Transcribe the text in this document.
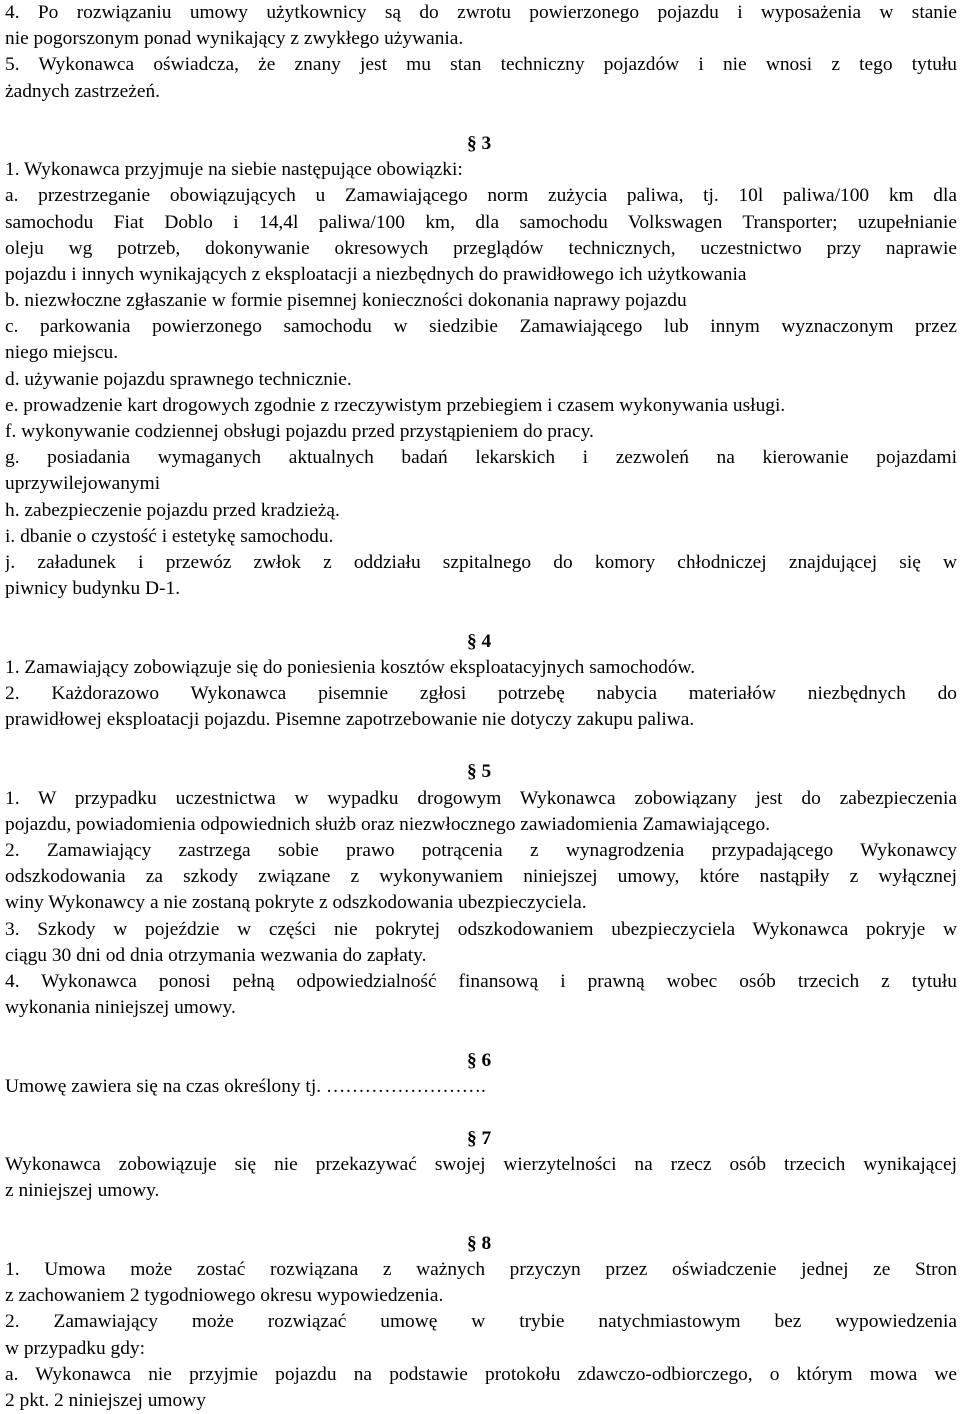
4. Po rozwiązaniu umowy użytkownicy są do zwrotu powierzonego pojazdu i wyposażenia w stanie
nie pogorszonym ponad wynikający z zwykłego używania.
5. Wykonawca oświadcza, że znany jest mu stan techniczny pojazdów i nie wnosi z tego tytułu
żadnych zastrzeżeń.
§ 3
1. Wykonawca przyjmuje na siebie następujące obowiązki:
a. przestrzeganie obowiązujących u Zamawiającego norm zużycia paliwa, tj. 10l paliwa/100 km dla
samochodu Fiat Doblo i 14,4l paliwa/100 km, dla samochodu Volkswagen Transporter; uzupełnianie
oleju wg potrzeb, dokonywanie okresowych przeglądów technicznych, uczestnictwo przy naprawie
pojazdu i innych wynikających z eksploatacji a niezbędnych do prawidłowego ich użytkowania
b. niezwłoczne zgłaszanie w formie pisemnej konieczności dokonania naprawy pojazdu
c. parkowania powierzonego samochodu w siedzibie Zamawiającego lub innym wyznaczonym przez
niego miejscu.
d. używanie pojazdu sprawnego technicznie.
e. prowadzenie kart drogowych zgodnie z rzeczywistym przebiegiem i czasem wykonywania usługi.
f. wykonywanie codziennej obsługi pojazdu przed przystąpieniem do pracy.
g. posiadania wymaganych aktualnych badań lekarskich i zezwoleń na kierowanie pojazdami
uprzywilejowanymi
h. zabezpieczenie pojazdu przed kradzieżą.
i. dbanie o czystość i estetykę samochodu.
j. załadunek i przewóz zwłok z oddziału szpitalnego do komory chłodniczej znajdującej się w
piwnicy budynku D-1.
§ 4
1. Zamawiający zobowiązuje się do poniesienia kosztów eksploatacyjnych samochodów.
2. Każdorazowo Wykonawca pisemnie zgłosi potrzebę nabycia materiałów niezbędnych do
prawidłowej eksploatacji pojazdu. Pisemne zapotrzebowanie nie dotyczy zakupu paliwa.
§ 5
1. W przypadku uczestnictwa w wypadku drogowym Wykonawca zobowiązany jest do zabezpieczenia
pojazdu, powiadomienia odpowiednich służb oraz niezwłocznego zawiadomienia Zamawiającego.
2. Zamawiający zastrzega sobie prawo potrącenia z wynagrodzenia przypadającego Wykonawcy
odszkodowania za szkody związane z wykonywaniem niniejszej umowy, które nastąpiły z wyłącznej
winy Wykonawcy a nie zostaną pokryte z odszkodowania ubezpieczyciela.
3. Szkody w pojeździe w części nie pokrytej odszkodowaniem ubezpieczyciela Wykonawca pokryje w
ciągu 30 dni od dnia otrzymania wezwania do zapłaty.
4. Wykonawca ponosi pełną odpowiedzialność finansową i prawną wobec osób trzecich z tytułu
wykonania niniejszej umowy.
§ 6
Umowę zawiera się na czas określony tj. …………………….
§ 7
Wykonawca zobowiązuje się nie przekazywać swojej wierzytelności na rzecz osób trzecich wynikającej
z niniejszej umowy.
§ 8
1. Umowa może zostać rozwiązana z ważnych przyczyn przez oświadczenie jednej ze Stron
z zachowaniem 2 tygodniowego okresu wypowiedzenia.
2. Zamawiający może rozwiązać umowę w trybie natychmiastowym bez wypowiedzenia
w przypadku gdy:
a. Wykonawca nie przyjmie pojazdu na podstawie protokołu zdawczo-odbiorczego, o którym mowa we
2 pkt. 2 niniejszej umowy
